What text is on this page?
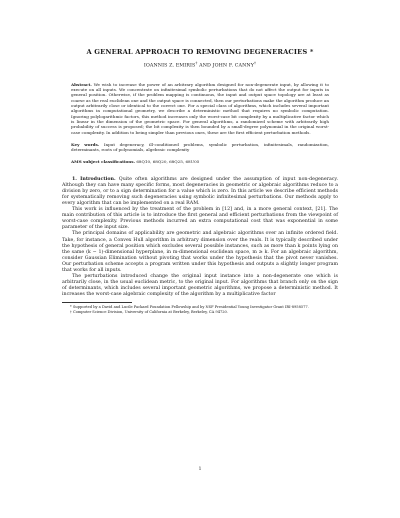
A GENERAL APPROACH TO REMOVING DEGENERACIES *
IOANNIS Z. EMIRIS† AND JOHN F. CANNY†
Abstract. We wish to increase the power of an arbitrary algorithm designed for non-degenerate input, by allowing it to execute on all inputs. We concentrate on infinitesimal symbolic perturbations that do not affect the output for inputs in general position. Otherwise, if the problem mapping is continuous, the input and output space topology are at least as coarse as the real euclidean one and the output space is connected, then our perturbations make the algorithm produce an output arbitrarily close or identical to the correct one. For a special class of algorithms, which includes several important algorithms in computational geometry, we describe a deterministic method that requires no symbolic computation. Ignoring polylogarithmic factors, this method increases only the worst-case bit complexity by a multiplicative factor which is linear in the dimension of the geometric space. For general algorithms, a randomized scheme with arbitrarily high probability of success is proposed; the bit complexity is then bounded by a small-degree polynomial in the original worst-case complexity. In addition to being simpler than previous ones, these are the first efficient perturbation methods.
Key words. Input degeneracy, ill-conditioned problems, symbolic perturbation, infinitesimals, randomization, determinants, roots of polynomials, algebraic complexity
AMS subject classifications. 68Q10, 68Q20, 68Q25, 68U05

1. Introduction. Quite often algorithms are designed under the assumption of input non-degeneracy. Although they can have many specific forms, most degeneracies in geometric or algebraic algorithms reduce to a division by zero, or to a sign determination for a value which is zero. In this article we describe efficient methods for systematically removing such degeneracies using symbolic infinitesimal perturbations. Our methods apply to every algorithm that can be implemented on a real RAM.

This work is influenced by the treatment of the problem in [12] and, in a more general context, [21]. The main contribution of this article is to introduce the first general and efficient perturbations from the viewpoint of worst-case complexity. Previous methods incurred an extra computational cost that was exponential in some parameter of the input size.

The principal domains of applicability are geometric and algebraic algorithms over an infinite ordered field. Take, for instance, a Convex Hull algorithm in arbitrary dimension over the reals. It is typically described under the hypothesis of general position which excludes several possible instances, such as more than k points lying on the same (k − 1)-dimensional hyperplane, in m-dimensional euclidean space, m ≥ k. For an algebraic algorithm, consider Gaussian Elimination without pivoting that works under the hypothesis that the pivot never vanishes. Our perturbation scheme accepts a program written under this hypothesis and outputs a slightly longer program that works for all inputs.

The perturbations introduced change the original input instance into a non-degenerate one which is arbitrarily close, in the usual euclidean metric, to the original input. For algorithms that branch only on the sign of determinants, which includes several important geometric algorithms, we propose a deterministic method. It increases the worst-case algebraic complexity of the algorithm by a multiplicative factor

* Supported by a David and Lucile Packard Foundation Fellowship and by NSF Presidential Young Investigator Grant IRI-8958577.

† Computer Science Division, University of California at Berkeley, Berkeley, CA 94720.

1
